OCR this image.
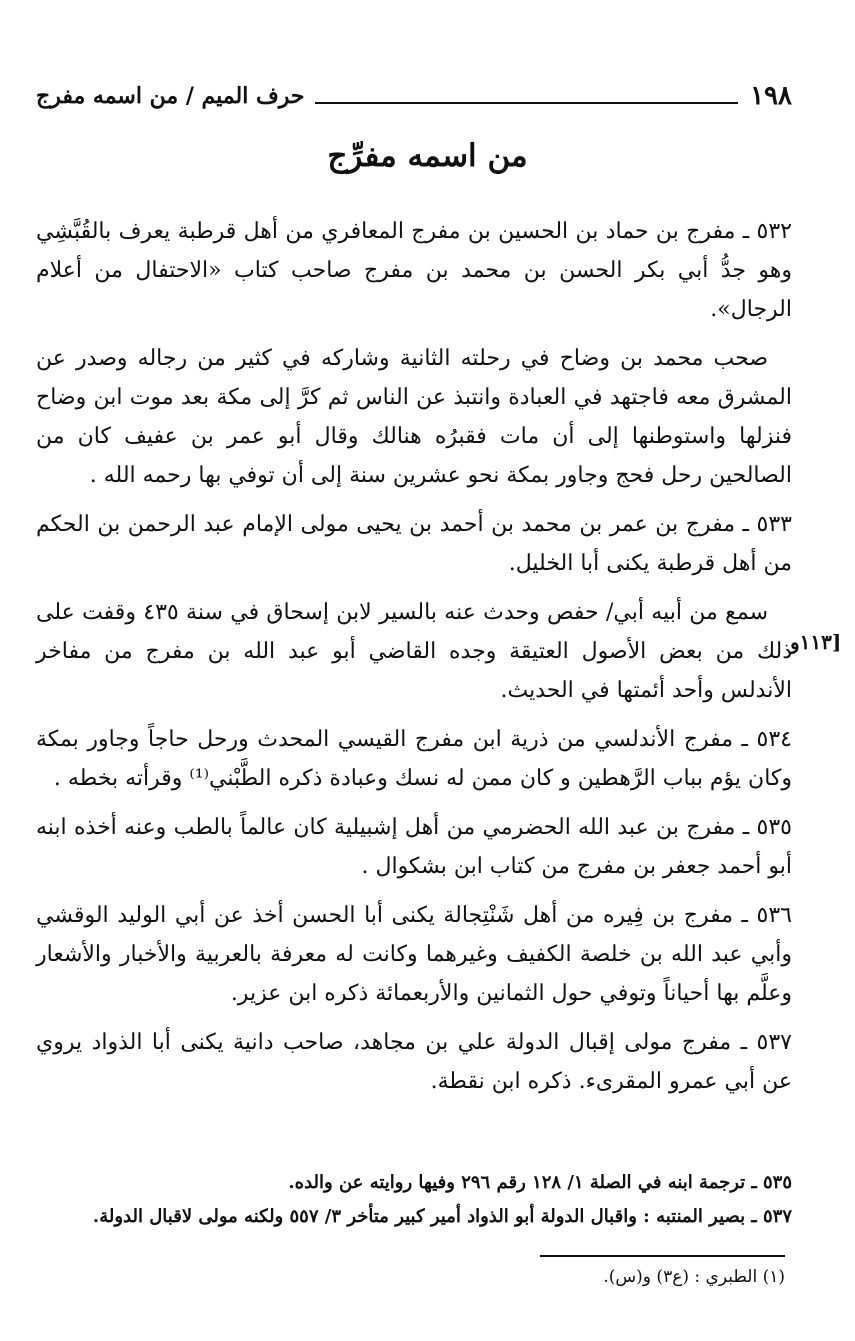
١٩٨
حرف الميم / من اسمه مفرج
من اسمه مفرِّج
١١٣و]

٥٣٢ ـ مفرج بن حماد بن الحسين بن مفرج المعافري من أهل قرطبة يعرف بالقُبَّشِي وهو جدُّ أبي بكر الحسن بن محمد بن مفرج صاحب كتاب «الاحتفال من أعلام الرجال».

صحب محمد بن وضاح في رحلته الثانية وشاركه في كثير من رجاله وصدر عن المشرق معه فاجتهد في العبادة وانتبذ عن الناس ثم كرَّ إلى مكة بعد موت ابن وضاح فنزلها واستوطنها إلى أن مات فقبرُه هنالك وقال أبو عمر بن عفيف كان من الصالحين رحل فحج وجاور بمكة نحو عشرين سنة إلى أن توفي بها رحمه الله .

٥٣٣ ـ مفرج بن عمر بن محمد بن أحمد بن يحيى مولى الإمام عبد الرحمن بن الحكم من أهل قرطبة يكنى أبا الخليل.

سمع من أبيه أبي/ حفص وحدث عنه بالسير لابن إسحاق في سنة ٤٣٥ وقفت على ذلك من بعض الأصول العتيقة وجده القاضي أبو عبد الله بن مفرج من مفاخر الأندلس وأحد أئمتها في الحديث.

٥٣٤ ـ مفرج الأندلسي من ذرية ابن مفرج القيسي المحدث ورحل حاجاً وجاور بمكة وكان يؤم بباب الرَّهطين و كان ممن له نسك وعبادة ذكره الطَّبْني⁽¹⁾ وقرأته بخطه .

٥٣٥ ـ مفرج بن عبد الله الحضرمي من أهل إشبيلية كان عالماً بالطب وعنه أخذه ابنه أبو أحمد جعفر بن مفرج من كتاب ابن بشكوال .

٥٣٦ ـ مفرج بن فِيره من أهل شَنْتِجالة يكنى أبا الحسن أخذ عن أبي الوليد الوقشي وأبي عبد الله بن خلصة الكفيف وغيرهما وكانت له معرفة بالعربية والأخبار والأشعار وعلَّم بها أحياناً وتوفي حول الثمانين والأربعمائة ذكره ابن عزير.

٥٣٧ ـ مفرج مولى إقبال الدولة علي بن مجاهد، صاحب دانية يكنى أبا الذواد يروي عن أبي عمرو المقرىء. ذكره ابن نقطة.

٥٣٥ ـ ترجمة ابنه في الصلة ١/ ١٢٨ رقم ٢٩٦ وفيها روايته عن والده.
٥٣٧ ـ بصير المنتبه : واقبال الدولة أبو الذواد أمير كبير متأخر ٣/ ٥٥٧ ولكنه مولى لاقبال الدولة.
(١) الطبري : (ع٣) و(س).
